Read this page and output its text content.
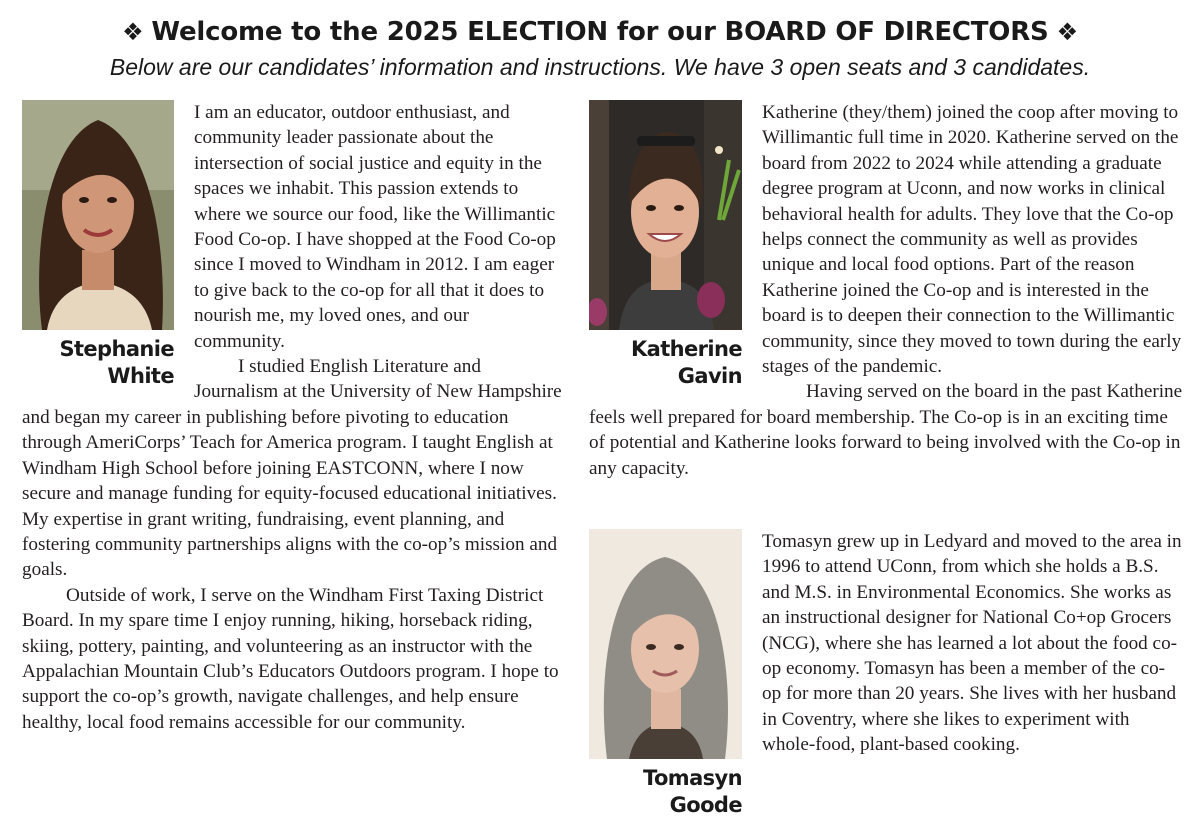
❖ Welcome to the 2025 ELECTION for our BOARD OF DIRECTORS ❖
Below are our candidates’ information and instructions. We have 3 open seats and 3 candidates.
Stephanie
White

I am an educator, outdoor enthusiast, and community leader passionate about the intersection of social justice and equity in the spaces we inhabit. This passion extends to where we source our food, like the Willimantic Food Co-op. I have shopped at the Food Co-op since I moved to Windham in 2012. I am eager to give back to the co-op for all that it does to nourish me, my loved ones, and our community.

I studied English Literature and Journalism at the University of New Hampshire and began my career in publishing before pivoting to education through AmeriCorps’ Teach for America program. I taught English at Windham High School before joining EASTCONN, where I now secure and manage funding for equity-focused educational initiatives. My expertise in grant writing, fundraising, event planning, and fostering community partnerships aligns with the co-op’s mission and goals.

Outside of work, I serve on the Windham First Taxing District Board. In my spare time I enjoy running, hiking, horseback riding, skiing, pottery, painting, and volunteering as an instructor with the Appalachian Mountain Club’s Educators Outdoors program. I hope to support the co-op’s growth, navigate challenges, and help ensure healthy, local food remains accessible for our community.

Katherine
Gavin

Katherine (they/them) joined the coop after moving to Willimantic full time in 2020. Katherine served on the board from 2022 to 2024 while attending a graduate degree program at Uconn, and now works in clinical behavioral health for adults. They love that the Co-op helps connect the community as well as provides unique and local food options. Part of the reason Katherine joined the Co-op and is interested in the board is to deepen their connection to the Willimantic community, since they moved to town during the early stages of the pandemic.

Having served on the board in the past Katherine feels well prepared for board membership. The Co-op is in an exciting time of potential and Katherine looks forward to being involved with the Co-op in any capacity.

Tomasyn
Goode

Tomasyn grew up in Ledyard and moved to the area in 1996 to attend UConn, from which she holds a B.S. and M.S. in Environmental Economics. She works as an instructional designer for National Co+op Grocers (NCG), where she has learned a lot about the food co-op economy. Tomasyn has been a member of the co-op for more than 20 years. She lives with her husband in Coventry, where she likes to experiment with whole-food, plant-based cooking.
